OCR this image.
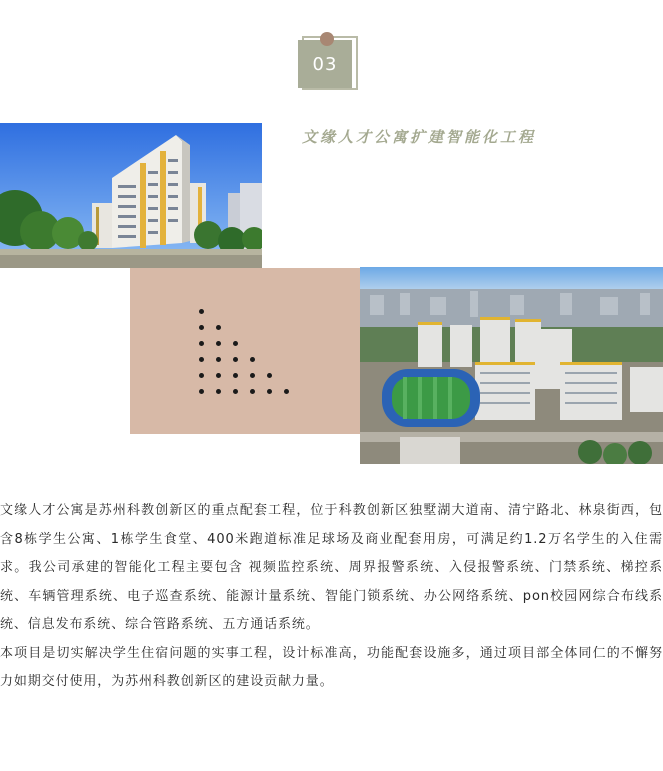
03
文缘人才公寓扩建智能化工程

文缘人才公寓是苏州科教创新区的重点配套工程，位于科教创新区独墅湖大道南、清宁路北、林泉街西，包含8栋学生公寓、1栋学生食堂、400米跑道标准足球场及商业配套用房，可满足约1.2万名学生的入住需求。我公司承建的智能化工程主要包含 视频监控系统、周界报警系统、入侵报警系统、门禁系统、梯控系统、车辆管理系统、电子巡查系统、能源计量系统、智能门锁系统、办公网络系统、pon校园网综合布线系统、信息发布系统、综合管路系统、五方通话系统。

本项目是切实解决学生住宿问题的实事工程，设计标准高，功能配套设施多，通过项目部全体同仁的不懈努力如期交付使用，为苏州科教创新区的建设贡献力量。
